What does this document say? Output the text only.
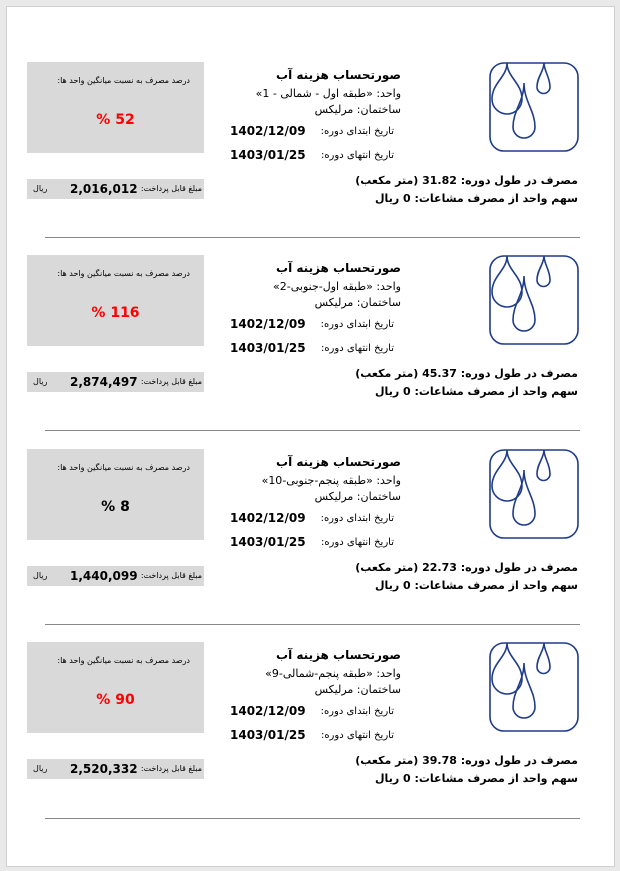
صورتحساب هزینه آب
واحد: «طبقه اول - شمالی - 1»
ساختمان: مرلیکس
تاریخ ابتدای دوره:
1402/12/09
تاریخ انتهای دوره:
1403/01/25
مصرف در طول دوره: 31.82 (متر مکعب)
سهم واحد از مصرف مشاعات: 0 ریال
درصد مصرف به نسبت میانگین واحد ها:
52 %
مبلغ قابل پرداخت:
2,016,012
ریال
صورتحساب هزینه آب
واحد: «طبقه اول-جنوبی-2»
ساختمان: مرلیکس
تاریخ ابتدای دوره:
1402/12/09
تاریخ انتهای دوره:
1403/01/25
مصرف در طول دوره: 45.37 (متر مکعب)
سهم واحد از مصرف مشاعات: 0 ریال
درصد مصرف به نسبت میانگین واحد ها:
116 %
مبلغ قابل پرداخت:
2,874,497
ریال
صورتحساب هزینه آب
واحد: «طبقه پنجم-جنوبی-10»
ساختمان: مرلیکس
تاریخ ابتدای دوره:
1402/12/09
تاریخ انتهای دوره:
1403/01/25
مصرف در طول دوره: 22.73 (متر مکعب)
سهم واحد از مصرف مشاعات: 0 ریال
درصد مصرف به نسبت میانگین واحد ها:
8 %
مبلغ قابل پرداخت:
1,440,099
ریال
صورتحساب هزینه آب
واحد: «طبقه پنجم-شمالی-9»
ساختمان: مرلیکس
تاریخ ابتدای دوره:
1402/12/09
تاریخ انتهای دوره:
1403/01/25
مصرف در طول دوره: 39.78 (متر مکعب)
سهم واحد از مصرف مشاعات: 0 ریال
درصد مصرف به نسبت میانگین واحد ها:
90 %
مبلغ قابل پرداخت:
2,520,332
ریال
